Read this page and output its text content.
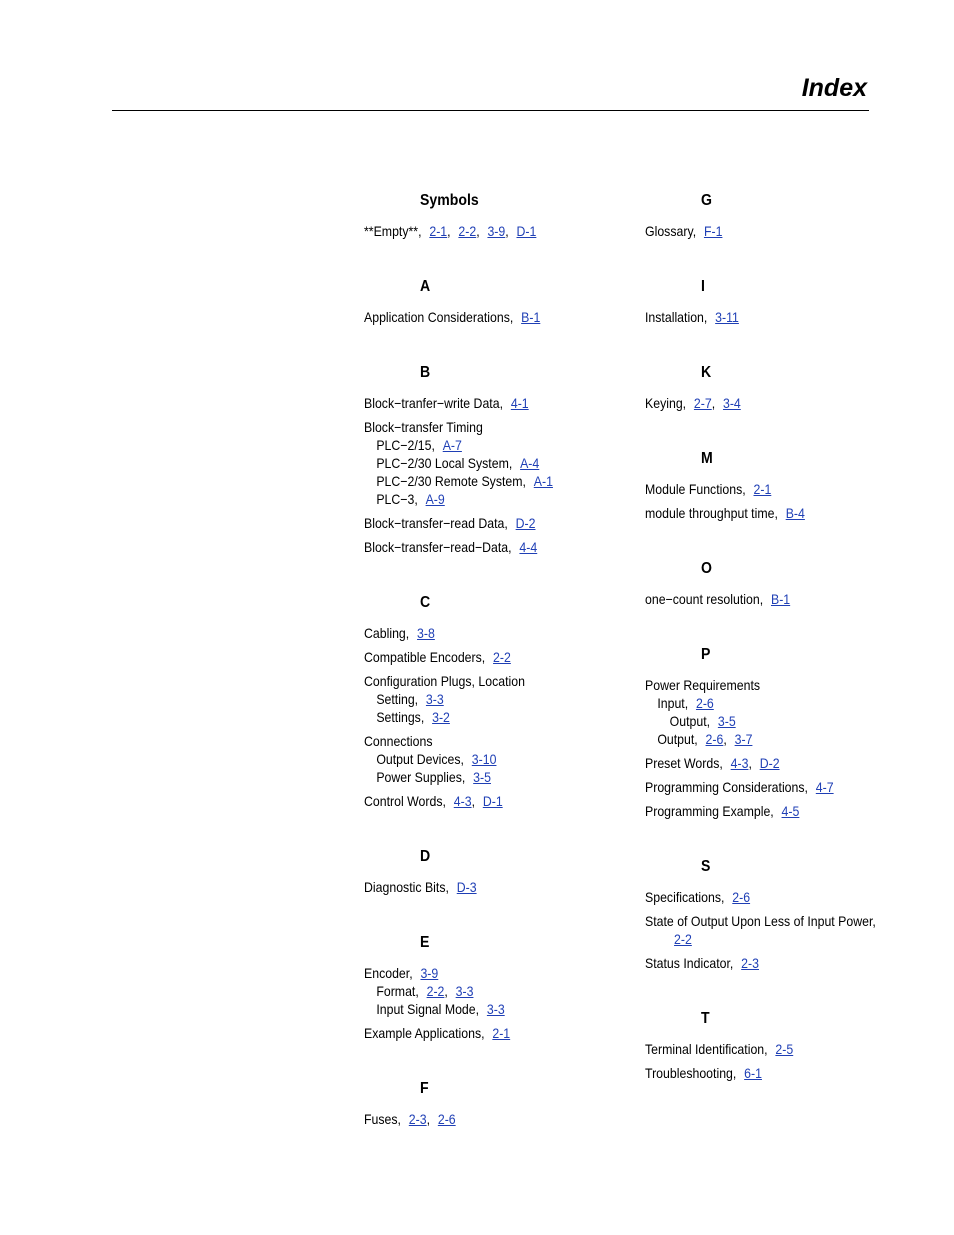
Index
Symbols
**Empty**, 2-1, 2-2, 3-9, D-1
A
Application Considerations, B-1
B
Block−tranfer−write Data, 4-1
Block−transfer Timing
PLC−2/15, A-7
PLC−2/30 Local System, A-4
PLC−2/30 Remote System, A-1
PLC−3, A-9
Block−transfer−read Data, D-2
Block−transfer−read−Data, 4-4
C
Cabling, 3-8
Compatible Encoders, 2-2
Configuration Plugs, Location
Setting, 3-3
Settings, 3-2
Connections
Output Devices, 3-10
Power Supplies, 3-5
Control Words, 4-3, D-1
D
Diagnostic Bits, D-3
E
Encoder, 3-9
Format, 2-2, 3-3
Input Signal Mode, 3-3
Example Applications, 2-1
F
Fuses, 2-3, 2-6
G
Glossary, F-1
I
Installation, 3-11
K
Keying, 2-7, 3-4
M
Module Functions, 2-1
module throughput time, B-4
O
one−count resolution, B-1
P
Power Requirements
Input, 2-6
Output, 3-5
Output, 2-6, 3-7
Preset Words, 4-3, D-2
Programming Considerations, 4-7
Programming Example, 4-5
S
Specifications, 2-6
State of Output Upon Less of Input Power,
2-2
Status Indicator, 2-3
T
Terminal Identification, 2-5
Troubleshooting, 6-1
